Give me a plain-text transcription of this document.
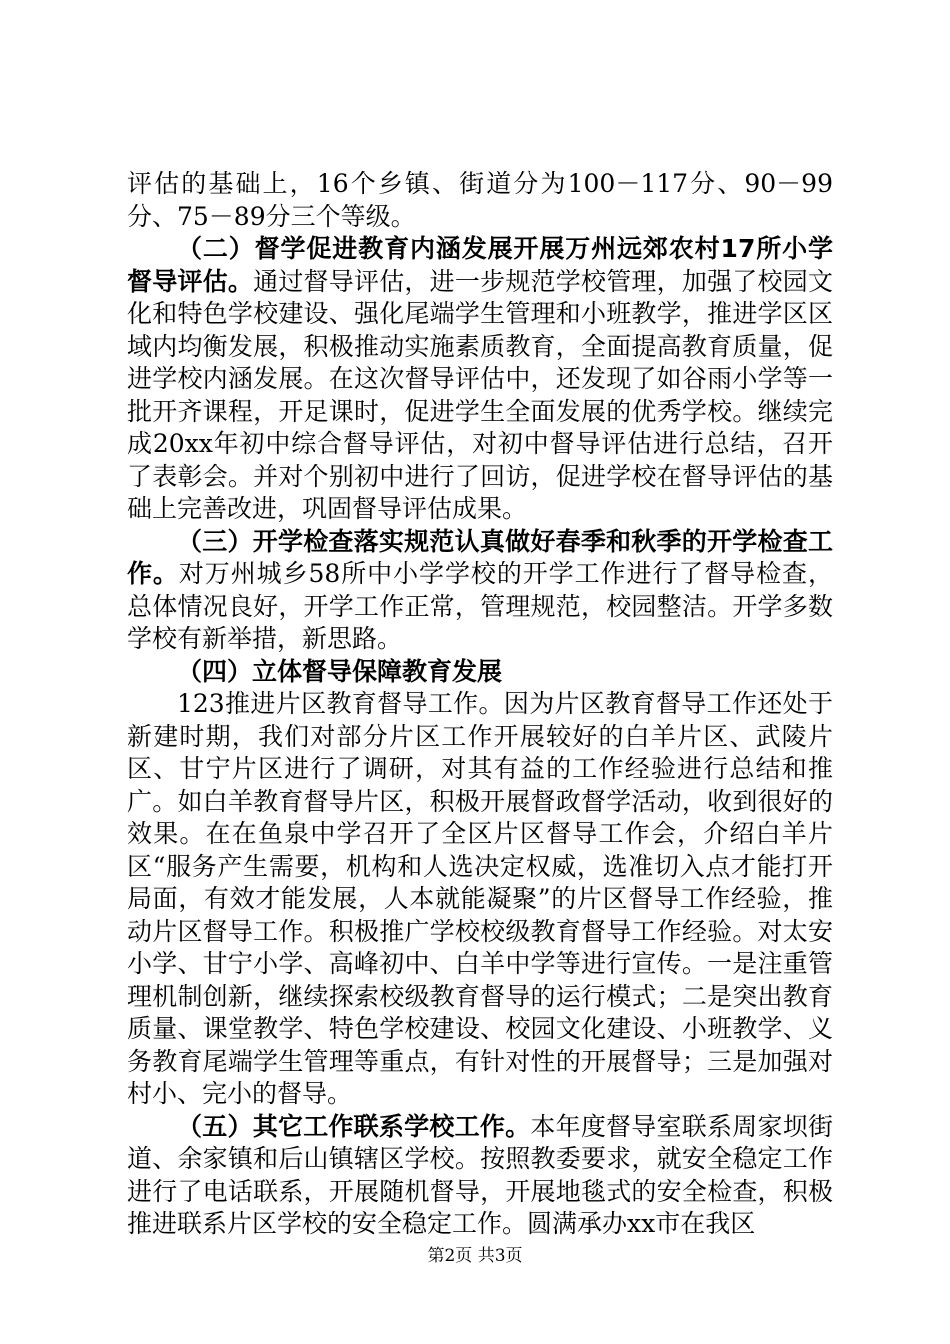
评估的基础上，16个乡镇、街道分为100－117分、90－99分、75－89分三个等级。

（二）督学促进教育内涵发展开展万州远郊农村17所小学督导评估。通过督导评估，进一步规范学校管理，加强了校园文化和特色学校建设、强化尾端学生管理和小班教学，推进学区区域内均衡发展，积极推动实施素质教育，全面提高教育质量，促进学校内涵发展。在这次督导评估中，还发现了如谷雨小学等一批开齐课程，开足课时，促进学生全面发展的优秀学校。继续完成20xx年初中综合督导评估，对初中督导评估进行总结，召开了表彰会。并对个别初中进行了回访，促进学校在督导评估的基础上完善改进，巩固督导评估成果。

（三）开学检查落实规范认真做好春季和秋季的开学检查工作。对万州城乡58所中小学学校的开学工作进行了督导检查，总体情况良好，开学工作正常，管理规范，校园整洁。开学多数学校有新举措，新思路。

（四）立体督导保障教育发展

123推进片区教育督导工作。因为片区教育督导工作还处于新建时期，我们对部分片区工作开展较好的白羊片区、武陵片区、甘宁片区进行了调研，对其有益的工作经验进行总结和推广。如白羊教育督导片区，积极开展督政督学活动，收到很好的效果。在在鱼泉中学召开了全区片区督导工作会，介绍白羊片区“服务产生需要，机构和人选决定权威，选准切入点才能打开局面，有效才能发展，人本就能凝聚”的片区督导工作经验，推动片区督导工作。积极推广学校校级教育督导工作经验。对太安小学、甘宁小学、高峰初中、白羊中学等进行宣传。一是注重管理机制创新，继续探索校级教育督导的运行模式；二是突出教育质量、课堂教学、特色学校建设、校园文化建设、小班教学、义务教育尾端学生管理等重点，有针对性的开展督导；三是加强对村小、完小的督导。

（五）其它工作联系学校工作。本年度督导室联系周家坝街道、余家镇和后山镇辖区学校。按照教委要求，就安全稳定工作进行了电话联系，开展随机督导，开展地毯式的安全检查，积极推进联系片区学校的安全稳定工作。圆满承办xx市在我区

第2页 共3页
